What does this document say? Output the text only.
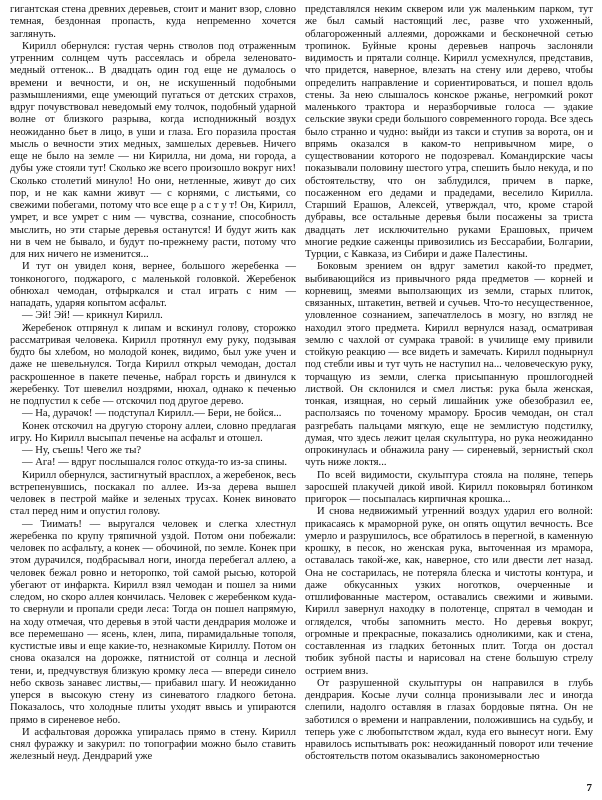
гигантская стена древних деревьев, стоит и манит взор, словно темная, бездонная пропасть, куда непременно хочется заглянуть.

Кирилл обернулся: густая чернь стволов под отраженным утренним солнцем чуть рассеялась и обрела зеленовато-медный оттенок... В двадцать один год еще не думалось о времени и вечности, и он, не искушенный подобными размышлениями, еще умеющий пугаться от детских страхов, вдруг почувствовал неведомый ему толчок, подобный ударной волне от близкого разрыва, когда исподнижный воздух неожиданно бьет в лицо, в уши и глаза. Его поразила простая мысль о вечности этих медных, замшелых деревьев. Ничего еще не было на земле — ни Кирилла, ни дома, ни города, а дубы уже стояли тут! Сколько же всего произошло вокруг них! Сколько столетий минуло! Но они, нетленные, живут до сих пор, и не как камни живут — с корнями, с листьями, со свежими побегами, потому что все еще р а с т у т! Он, Кирилл, умрет, и все умрет с ним — чувства, сознание, способность мыслить, но эти старые деревья останутся! И будут жить как ни в чем не бывало, и будут по-прежнему расти, потому что для них ничего не изменится...

И тут он увидел коня, вернее, большого жеребенка — тонконогого, поджарого, с маленькой головкой. Жеребенок обнюхал чемодан, отфыркался и стал играть с ним — нападать, ударяя копытом асфальт.

— Эй! Эй! — крикнул Кирилл.

Жеребенок отпрянул к липам и вскинул голову, сторожко рассматривая человека. Кирилл протянул ему руку, подзывая будто бы хлебом, но молодой конек, видимо, был уже учен и даже не шевельнулся. Тогда Кирилл открыл чемодан, достал раскрошенное в пакете печенье, набрал горсть и двинулся к жеребенку. Тот шевелил ноздрями, нюхал, однако к печенью не подпустил к себе — отскочил под другое дерево.

— На, дурачок! — подступал Кирилл.— Бери, не бойся...

Конек отскочил на другую сторону аллеи, словно предлагая игру. Но Кирилл высыпал печенье на асфальт и отошел.

— Ну, съешь! Чего же ты?

— Ага! — вдруг послышался голос откуда-то из-за спины.

Кирилл обернулся, застигнутый врасплох, а жеребенок, весь встрепенувшись, поскакал по аллее. Из-за дерева вышел человек в пестрой майке и зеленых трусах. Конек виновато стал перед ним и опустил голову.

— Тиимать! — выругался человек и слегка хлестнул жеребенка по крупу тряпичной уздой. Потом они побежали: человек по асфальту, а конек — обочиной, по земле. Конек при этом дурачился, подбрасывал ноги, иногда перебегал аллею, а человек бежал ровно и неторопко, той самой рысью, которой убегают от инфаркта. Кирилл взял чемодан и пошел за ними следом, но скоро аллея кончилась. Человек с жеребенком куда-то свернули и пропали среди леса: Тогда он пошел напрямую, на ходу отмечая, что деревья в этой части дендрария моложе и все перемешано — ясень, клен, липа, пирамидальные тополя, кустистые ивы и еще какие-то, незнакомые Кириллу. Потом он снова оказался на дорожке, пятнистой от солнца и лесной тени, и, предчувствуя близкую кромку леса — впереди синело небо сквозь занавес листвы,— прибавил шагу. И неожиданно уперся в высокую стену из синеватого гладкого бетона. Показалось, что холодные плиты уходят ввысь и упираются прямо в сиреневое небо.

И асфальтовая дорожка упиралась прямо в стену. Кирилл снял фуражку и закурил: по топографии можно было ставить железный неуд. Дендрарий уже

представлялся неким сквером или уж маленьким парком, тут же был самый настоящий лес, разве что ухоженный, облагороженный аллеями, дорожками и бесконечной сетью тропинок. Буйные кроны деревьев напрочь заслоняли видимость и прятали солнце. Кирилл усмехнулся, представив, что придется, наверное, влезать на стену или дерево, чтобы определить направление и сориентироваться, и пошел вдоль стены. За нею слышалось конское ржанье, негромкий рокот маленького трактора и неразборчивые голоса — эдакие сельские звуки среди большого современного города. Все здесь было странно и чудно: выйди из такси и ступив за ворота, он и впрямь оказался в каком-то непривычном мире, о существовании которого не подозревал. Командирские часы показывали половину шестого утра, спешить было некуда, и по обстоятельству, что он заблудился, причем в парке, посаженном его дедами и прадедами, веселило Кирилла. Старший Ерашов, Алексей, утверждал, что, кроме старой дубравы, все остальные деревья были посажены за триста двадцать лет исключительно руками Ерашовых, причем многие редкие саженцы привозились из Бессарабии, Болгарии, Турции, с Кавказа, из Сибири и даже Палестины.

Боковым зрением он вдруг заметил какой-то предмет, выбивающийся из привычного ряда предметов — корней и корневищ, змеями выползающих из земли, старых плиток, связанных, штакетин, ветвей и сучьев. Что-то несущественное, уловленное сознанием, запечатлелось в мозгу, но взгляд не находил этого предмета. Кирилл вернулся назад, осматривая землю с чахлой от сумрака травой: в училище ему привили стойкую реакцию — все видеть и замечать. Кирилл поднырнул под стебли ивы и тут чуть не наступил на... человеческую руку, торчащую из земли, слегка присыпанную прошлогодней листвой. Он склонился и смел листья: рука была женская, тонкая, изящная, но серый лишайник уже обезобразил ее, расползаясь по точеному мрамору. Бросив чемодан, он стал разгребать пальцами мягкую, еще не землистую подстилку, думая, что здесь лежит целая скульптура, но рука неожиданно опрокинулась и обнажила рану — сиреневый, зернистый скол чуть ниже локтя...

По всей видимости, скульптура стояла на поляне, теперь заросшей плакучей дикой ивой. Кирилл поковырял ботинком пригорок — посыпалась кирпичная крошка...

И снова недвижимый утренний воздух ударил его волной: прикасаясь к мраморной руке, он опять ощутил вечность. Все умерло и разрушилось, все обратилось в перегной, в каменную крошку, в песок, но женская рука, выточенная из мрамора, оставалась такой-же, как, наверное, сто или двести лет назад. Она не состарилась, не потеряла блеска и чистоты контура, и даже обкусанных узких ноготков, очерченные и отшлифованные мастером, оставались свежими и живыми. Кирилл завернул находку в полотенце, спрятал в чемодан и огляделся, чтобы запомнить место. Но деревья вокруг, огромные и прекрасные, показались одноликими, как и стена, составленная из гладких бетонных плит. Тогда он достал тюбик зубной пасты и нарисовал на стене большую стрелу острием вниз.

От разрушенной скульптуры он направился в глубь дендрария. Косые лучи солнца пронизывали лес и иногда слепили, надолго оставляя в глазах бордовые пятна. Он не заботился о времени и направлении, положившись на судьбу, и теперь уже с любопытством ждал, куда его вынесут ноги. Ему нравилось испытывать рок: неожиданный поворот или течение обстоятельств потом оказывались закономерностью

7
